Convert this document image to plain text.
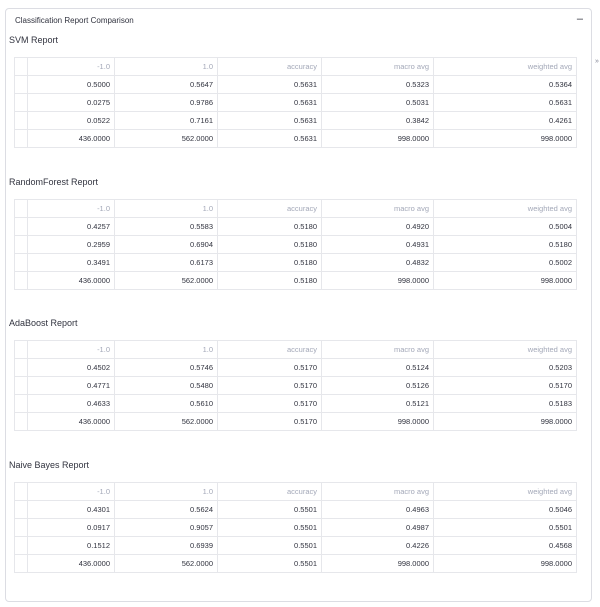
Classification Report Comparison	–
»
SVM Report
	-1.0	1.0	accuracy	macro avg	weighted avg
	0.5000	0.5647	0.5631	0.5323	0.5364
	0.0275	0.9786	0.5631	0.5031	0.5631
	0.0522	0.7161	0.5631	0.3842	0.4261
	436.0000	562.0000	0.5631	998.0000	998.0000
RandomForest Report
	-1.0	1.0	accuracy	macro avg	weighted avg
	0.4257	0.5583	0.5180	0.4920	0.5004
	0.2959	0.6904	0.5180	0.4931	0.5180
	0.3491	0.6173	0.5180	0.4832	0.5002
	436.0000	562.0000	0.5180	998.0000	998.0000
AdaBoost Report
	-1.0	1.0	accuracy	macro avg	weighted avg
	0.4502	0.5746	0.5170	0.5124	0.5203
	0.4771	0.5480	0.5170	0.5126	0.5170
	0.4633	0.5610	0.5170	0.5121	0.5183
	436.0000	562.0000	0.5170	998.0000	998.0000
Naive Bayes Report
	-1.0	1.0	accuracy	macro avg	weighted avg
	0.4301	0.5624	0.5501	0.4963	0.5046
	0.0917	0.9057	0.5501	0.4987	0.5501
	0.1512	0.6939	0.5501	0.4226	0.4568
	436.0000	562.0000	0.5501	998.0000	998.0000
